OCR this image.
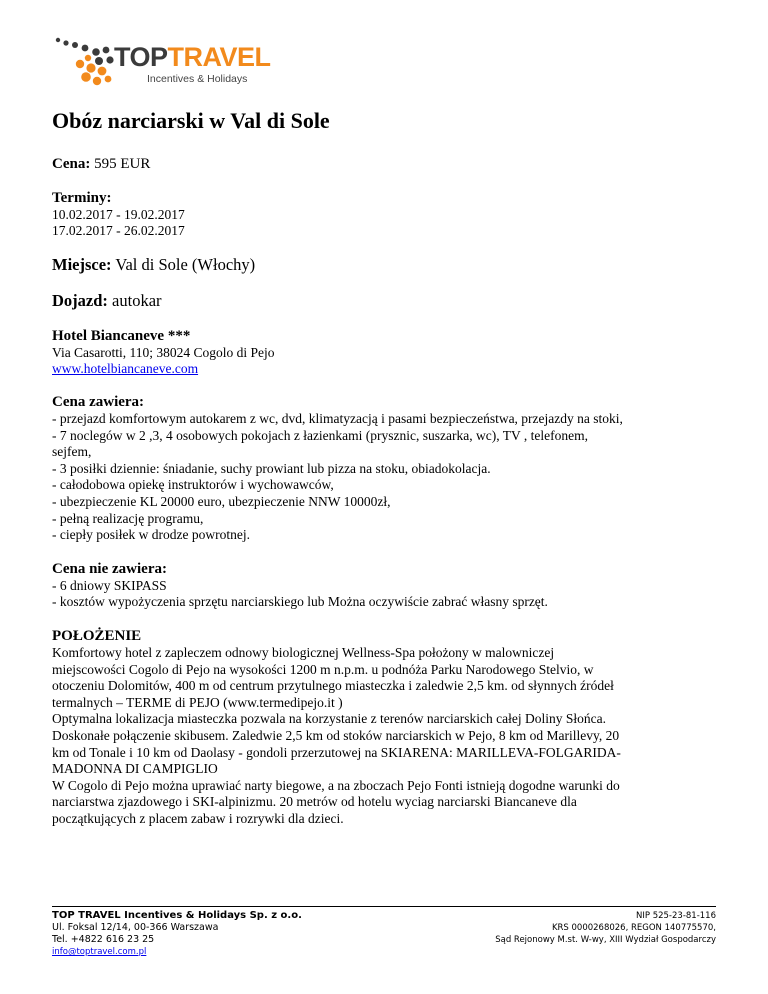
TOPTRAVEL
Incentives & Holidays
Obóz narciarski w Val di Sole

Cena: 595 EUR

Terminy:

10.02.2017 - 19.02.2017
17.02.2017 - 26.02.2017

Miejsce: Val di Sole (Włochy)

Dojazd: autokar

Hotel Biancaneve ***

Via Casarotti, 110; 38024 Cogolo di Pejo
www.hotelbiancaneve.com

Cena zawiera:

- przejazd komfortowym autokarem z wc, dvd, klimatyzacją i pasami bezpieczeństwa, przejazdy na stoki,
- 7 noclegów w 2 ,3, 4 osobowych pokojach z łazienkami (prysznic, suszarka, wc), TV , telefonem,
sejfem,
- 3 posiłki dziennie: śniadanie, suchy prowiant lub pizza na stoku, obiadokolacja.
- całodobowa opiekę instruktorów i wychowawców,
- ubezpieczenie KL 20000 euro, ubezpieczenie NNW 10000zł,
- pełną realizację programu,
- ciepły posiłek w drodze powrotnej.

Cena nie zawiera:

- 6 dniowy SKIPASS
- kosztów wypożyczenia sprzętu narciarskiego lub Można oczywiście zabrać własny sprzęt.

POŁOŻENIE

Komfortowy hotel z zapleczem odnowy biologicznej Wellness-Spa położony w malowniczej
miejscowości Cogolo di Pejo na wysokości 1200 m n.p.m. u podnóża Parku Narodowego Stelvio, w
otoczeniu Dolomitów, 400 m od centrum przytulnego miasteczka i zaledwie 2,5 km. od słynnych źródeł
termalnych – TERME di PEJO (www.termedipejo.it )
Optymalna lokalizacja miasteczka pozwala na korzystanie z terenów narciarskich całej Doliny Słońca.
Doskonałe połączenie skibusem. Zaledwie 2,5 km od stoków narciarskich w Pejo, 8 km od Marillevy, 20
km od Tonale i 10 km od Daolasy - gondoli przerzutowej na SKIARENA: MARILLEVA-FOLGARIDA-
MADONNA DI CAMPIGLIO
W Cogolo di Pejo można uprawiać narty biegowe, a na zboczach Pejo Fonti istnieją dogodne warunki do
narciarstwa zjazdowego i SKI-alpinizmu. 20 metrów od hotelu wyciag narciarski Biancaneve dla
początkujących z placem zabaw i rozrywki dla dzieci.
TOP TRAVEL Incentives & Holidays Sp. z o.o.
Ul. Foksal 12/14, 00-366 Warszawa
Tel. +4822 616 23 25
info@toptravel.com.pl
NIP 525-23-81-116
KRS 0000268026, REGON 140775570,
Sąd Rejonowy M.st. W-wy, XIII Wydział Gospodarczy
